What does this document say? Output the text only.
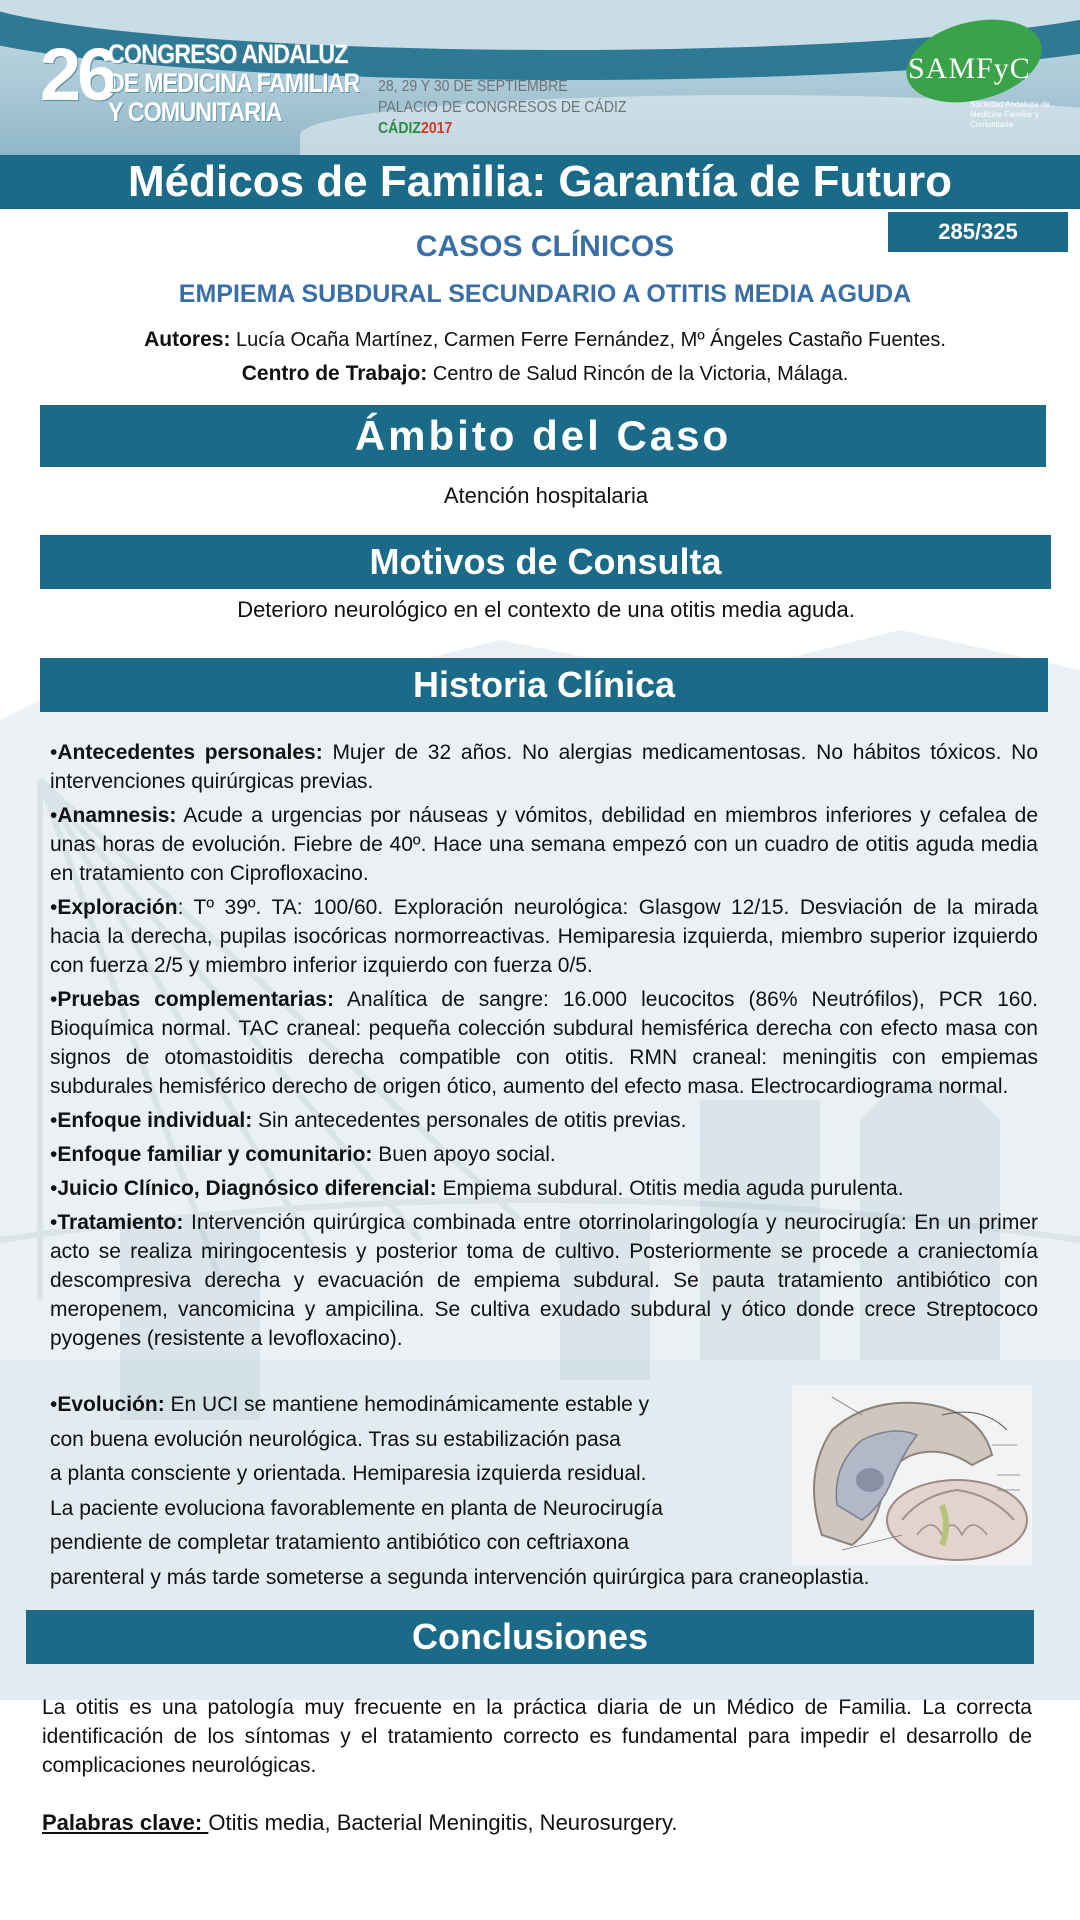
26
CONGRESO ANDALUZ
DE MEDICINA FAMILIAR
Y COMUNITARIA
28, 29 Y 30 DE SEPTIEMBRE
PALACIO DE CONGRESOS DE CÁDIZ
CÁDIZ2017
SAMFyC
Sociedad Andaluza de Medicina Familiar y Comunitaria
Médicos de Familia: Garantía de Futuro
285/325
CASOS CLÍNICOS
EMPIEMA SUBDURAL SECUNDARIO A OTITIS MEDIA AGUDA
Autores: Lucía Ocaña Martínez, Carmen Ferre Fernández, Mº Ángeles Castaño Fuentes.
Centro de Trabajo: Centro de Salud Rincón de la Victoria, Málaga.
Ámbito del Caso
Atención hospitalaria
Motivos de Consulta
Deterioro neurológico en el contexto de una otitis media aguda.
Historia Clínica

•Antecedentes personales: Mujer de 32 años. No alergias medicamentosas. No hábitos tóxicos. No intervenciones quirúrgicas previas.

•Anamnesis: Acude a urgencias por náuseas y vómitos, debilidad en miembros inferiores y cefalea de unas horas de evolución. Fiebre de 40º. Hace una semana empezó con un cuadro de otitis aguda media en tratamiento con Ciprofloxacino.

•Exploración: Tº 39º. TA: 100/60. Exploración neurológica: Glasgow 12/15. Desviación de la mirada hacia la derecha, pupilas isocóricas normorreactivas. Hemiparesia izquierda, miembro superior izquierdo con fuerza 2/5 y miembro inferior izquierdo con fuerza 0/5.

•Pruebas complementarias: Analítica de sangre: 16.000 leucocitos (86% Neutrófilos), PCR 160. Bioquímica normal. TAC craneal: pequeña colección subdural hemisférica derecha con efecto masa con signos de otomastoiditis derecha compatible con otitis. RMN craneal: meningitis con empiemas subdurales hemisférico derecho de origen ótico, aumento del efecto masa. Electrocardiograma normal.

•Enfoque individual: Sin antecedentes personales de otitis previas.

•Enfoque familiar y comunitario: Buen apoyo social.

•Juicio Clínico, Diagnósico diferencial: Empiema subdural. Otitis media aguda purulenta.

•Tratamiento: Intervención quirúrgica combinada entre otorrinolaringología y neurocirugía: En un primer acto se realiza miringocentesis y posterior toma de cultivo. Posteriormente se procede a craniectomía descompresiva derecha y evacuación de empiema subdural. Se pauta tratamiento antibiótico con meropenem, vancomicina y ampicilina. Se cultiva exudado subdural y ótico donde crece Streptococo pyogenes (resistente a levofloxacino).

•Evolución: En UCI se mantiene hemodinámicamente estable y
con buena evolución neurológica. Tras su estabilización pasa
a planta consciente y orientada. Hemiparesia izquierda residual.
La paciente evoluciona favorablemente en planta de Neurocirugía
pendiente de completar tratamiento antibiótico con ceftriaxona
parenteral y más tarde someterse a segunda intervención quirúrgica para craneoplastia.
Conclusiones
La otitis es una patología muy frecuente en la práctica diaria de un Médico de Familia. La correcta identificación de los síntomas y el tratamiento correcto es fundamental para impedir el desarrollo de complicaciones neurológicas.
Palabras clave: Otitis media, Bacterial Meningitis, Neurosurgery.
